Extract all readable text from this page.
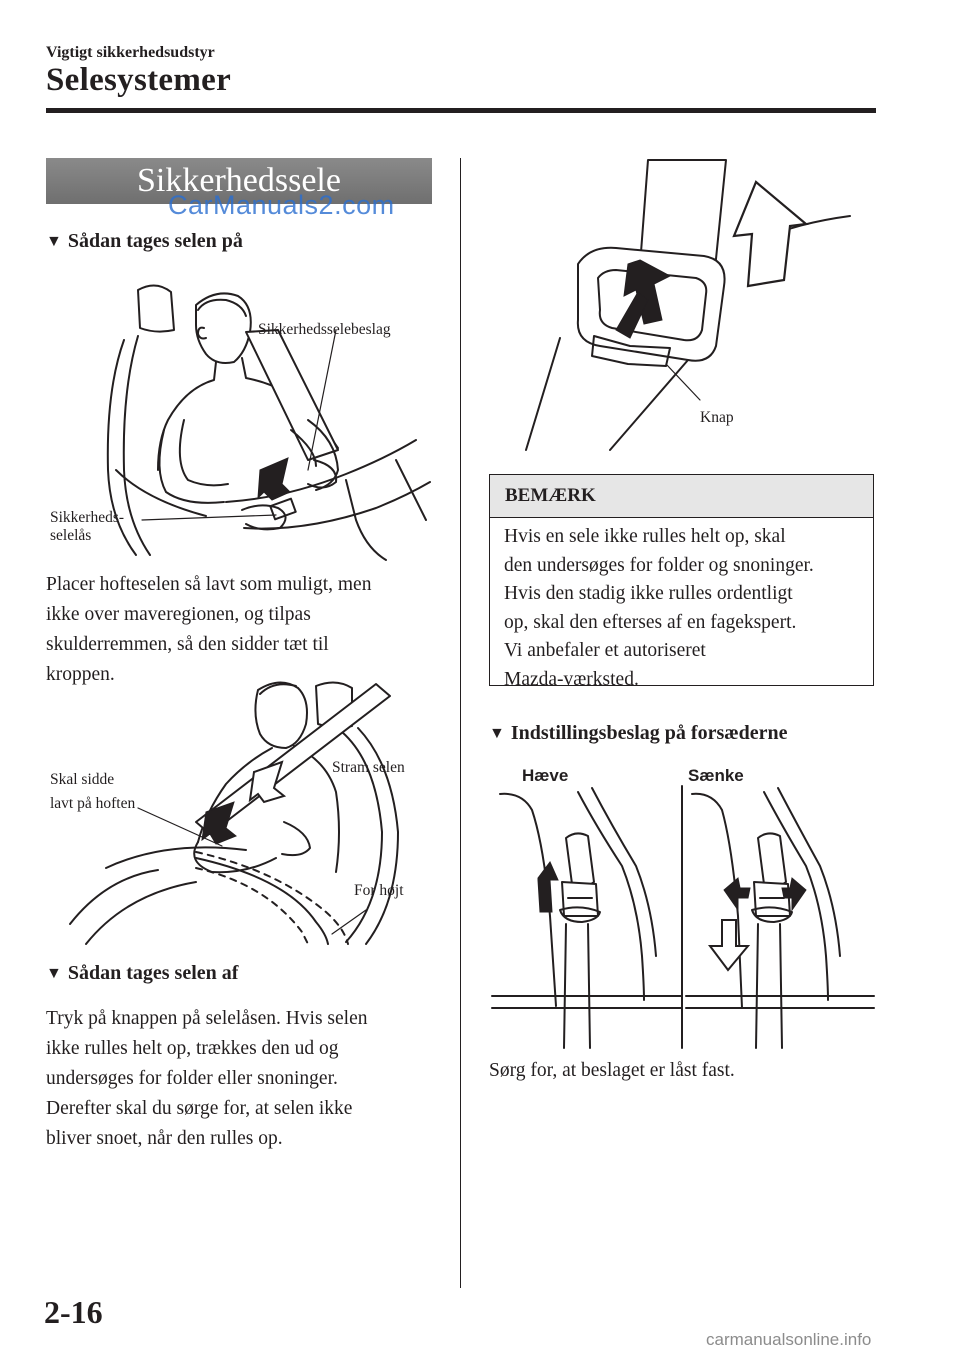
Vigtigt sikkerhedsudstyr
Selesystemer
Sikkerhedssele
CarManuals2.com
▼ Sådan tages selen på
Sikkerhedsselebeslag
Sikkerheds-
selelås
Placer hofteselen så lavt som muligt, men
ikke over maveregionen, og tilpas
skulderremmen, så den sidder tæt til
kroppen.
Skal sidde
lavt på hoften
Stram selen
For højt
▼ Sådan tages selen af
Tryk på knappen på selelåsen. Hvis selen
ikke rulles helt op, trækkes den ud og
undersøges for folder eller snoninger.
Derefter skal du sørge for, at selen ikke
bliver snoet, når den rulles op.
Knap
BEMÆRK
Hvis en sele ikke rulles helt op, skal
den undersøges for folder og snoninger.
Hvis den stadig ikke rulles ordentligt
op, skal den efterses af en fagekspert.
Vi anbefaler et autoriseret
Mazda-værksted.
▼ Indstillingsbeslag på forsæderne
Hæve	Sænke
Sørg for, at beslaget er låst fast.
2-16
carmanualsonline.info
